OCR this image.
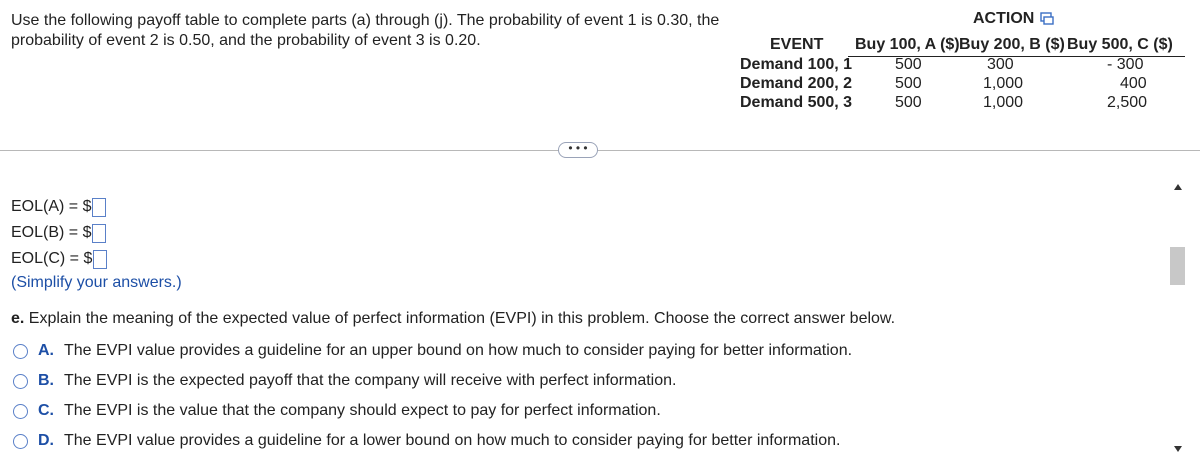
Use the following payoff table to complete parts (a) through (j). The probability of event 1 is 0.30, the probability of event 2 is 0.50, and the probability of event 3 is 0.20.
ACTION
EVENT Buy 100, A ($) Buy 200, B ($) Buy 500, C ($)
Demand 100, 1	500	300	- 300
Demand 200, 2	500	1,000	400
Demand 500, 3	500	1,000	2,500
• • •
EOL(A) = $
EOL(B) = $
EOL(C) = $
(Simplify your answers.)
e. Explain the meaning of the expected value of perfect information (EVPI) in this problem. Choose the correct answer below.
A. The EVPI value provides a guideline for an upper bound on how much to consider paying for better information.
B. The EVPI is the expected payoff that the company will receive with perfect information.
C. The EVPI is the value that the company should expect to pay for perfect information.
D. The EVPI value provides a guideline for a lower bound on how much to consider paying for better information.
